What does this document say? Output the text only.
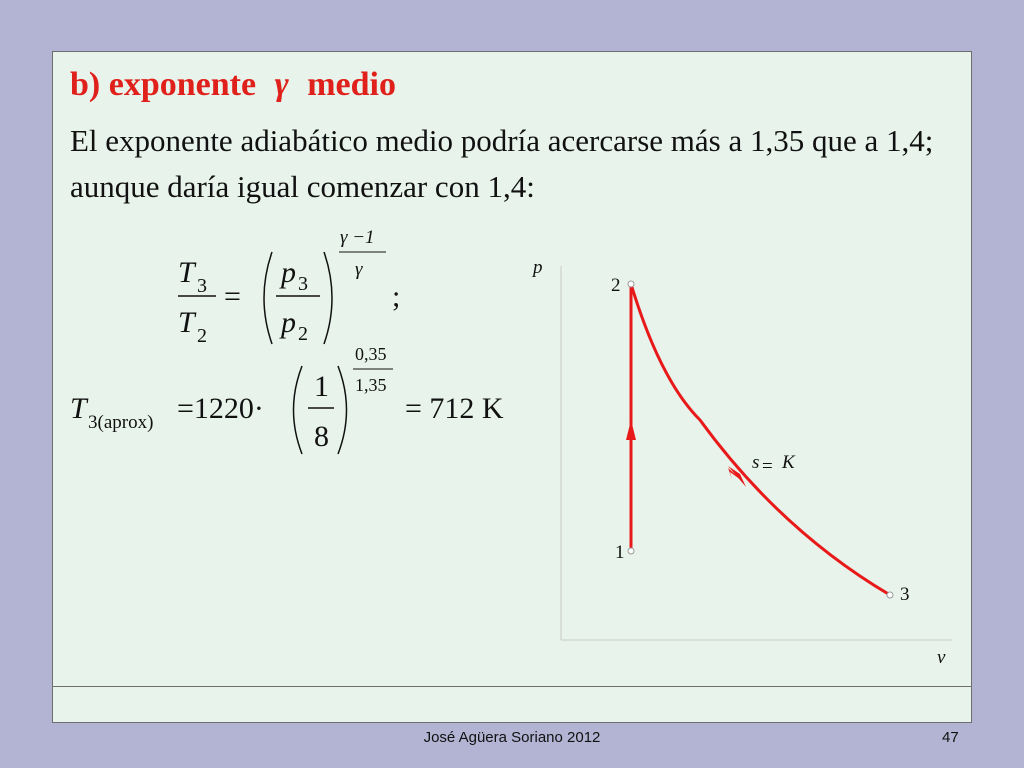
b) exponente γ medio

El exponente adiabático medio podría acercarse más a 1,35 que a 1,4; aunque daría igual comenzar con 1,4:

T 3
T 2
=
p 3
p 2
γ −1
γ
;
T 3(aprox) =1220·
1
8
0,35
1,35
= 712 K
p
v
2
1
3
s = K
José Agüera Soriano 2012	47
